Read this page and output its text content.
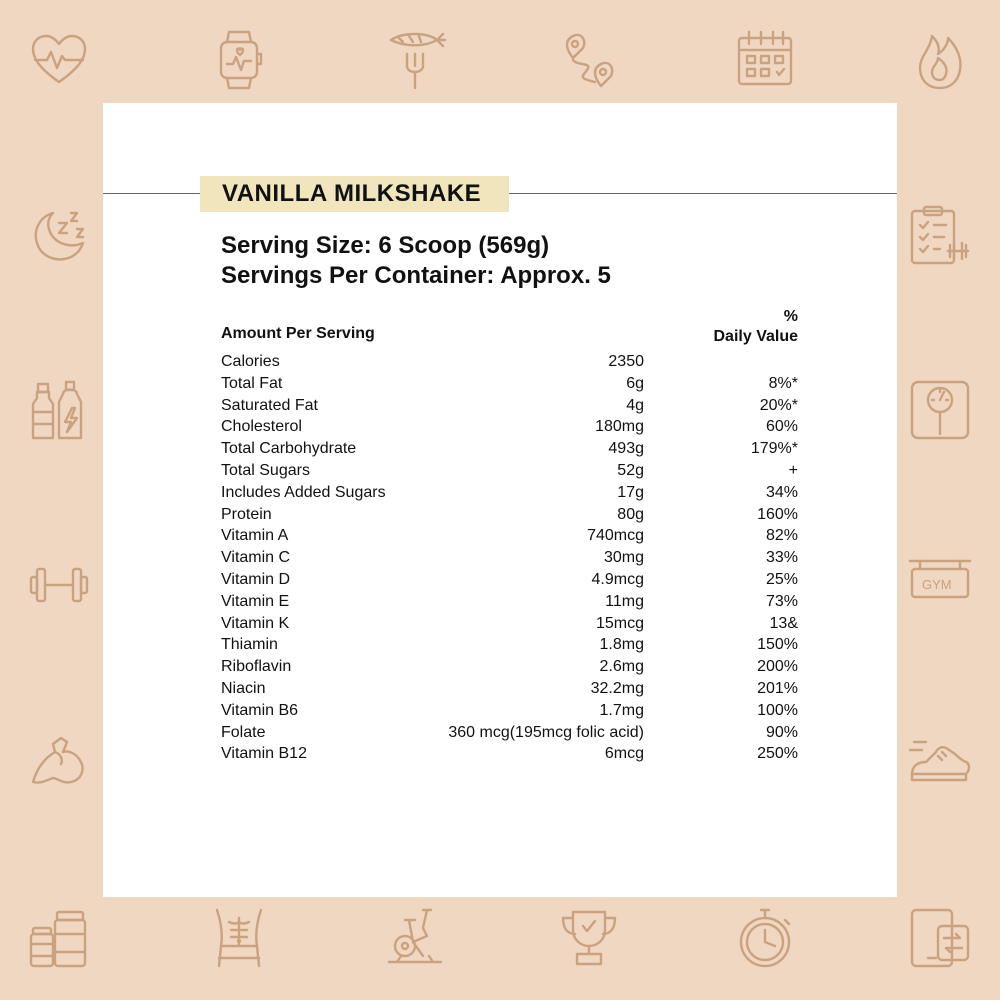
GYM
VANILLA MILKSHAKE
Serving Size: 6 Scoop (569g)
Servings Per Container: Approx. 5
%
Daily Value
Amount Per Serving
Calories	2350
Total Fat	6g	8%*
Saturated Fat	4g	20%*
Cholesterol	180mg	60%
Total Carbohydrate	493g	179%*
Total Sugars	52g	+
Includes Added Sugars	17g	34%
Protein	80g	160%
Vitamin A	740mcg	82%
Vitamin C	30mg	33%
Vitamin D	4.9mcg	25%
Vitamin E	11mg	73%
Vitamin K	15mcg	13&
Thiamin	1.8mg	150%
Riboflavin	2.6mg	200%
Niacin	32.2mg	201%
Vitamin B6	1.7mg	100%
Folate	360 mcg(195mcg folic acid)	90%
Vitamin B12	6mcg	250%
